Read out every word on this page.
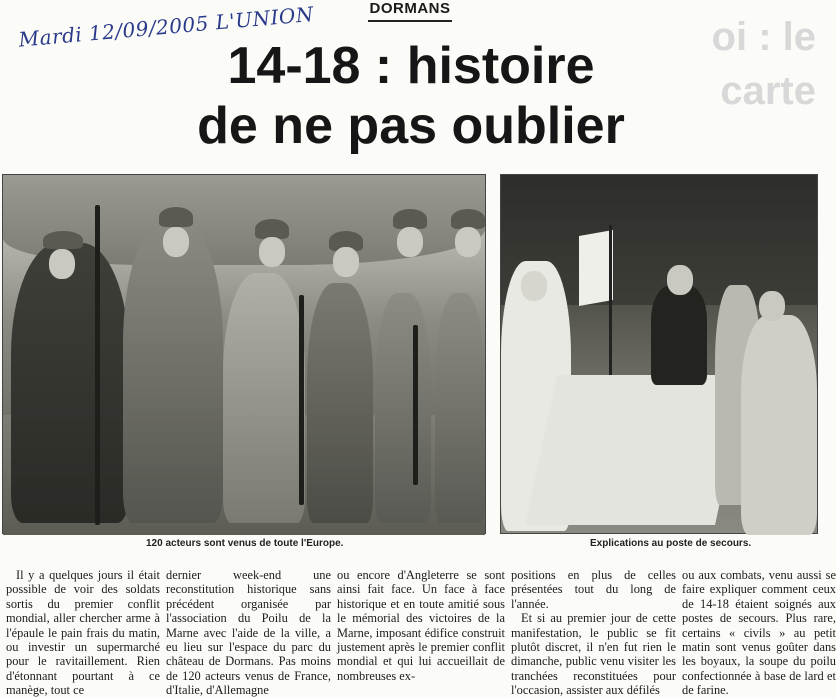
oi : le
carte
Mardi 12/09/2005 L'UNION	DORMANS
14-18 : histoire
de ne pas oublier
120 acteurs sont venus de toute l'Europe.	Explications au poste de secours.

Il y a quelques jours il était possible de voir des soldats sortis du premier conflit mondial, aller chercher arme à l'épaule le pain frais du matin, ou investir un supermarché pour le ravitaillement. Rien d'étonnant pourtant à ce manège, tout ce

dernier week-end une reconstitution historique sans précédent organisée par l'association du Poilu de la Marne avec l'aide de la ville, a eu lieu sur l'espace du parc du château de Dormans. Pas moins de 120 acteurs venus de France, d'Italie, d'Allemagne

ou encore d'Angleterre se sont ainsi fait face. Un face à face historique et en toute amitié sous le mémorial des victoires de la Marne, imposant édifice construit justement après le premier conflit mondial et qui lui accueillait de nombreuses ex-

positions en plus de celles présentées tout du long de l'année.

Et si au premier jour de cette manifestation, le public se fit plutôt discret, il n'en fut rien le dimanche, public venu visiter les tranchées reconstituées pour l'occasion, assister aux défilés

ou aux combats, venu aussi se faire expliquer comment ceux de 14-18 étaient soignés aux postes de secours. Plus rare, certains « civils » au petit matin sont venus goûter dans les boyaux, la soupe du poilu confectionnée à base de lard et de farine.
